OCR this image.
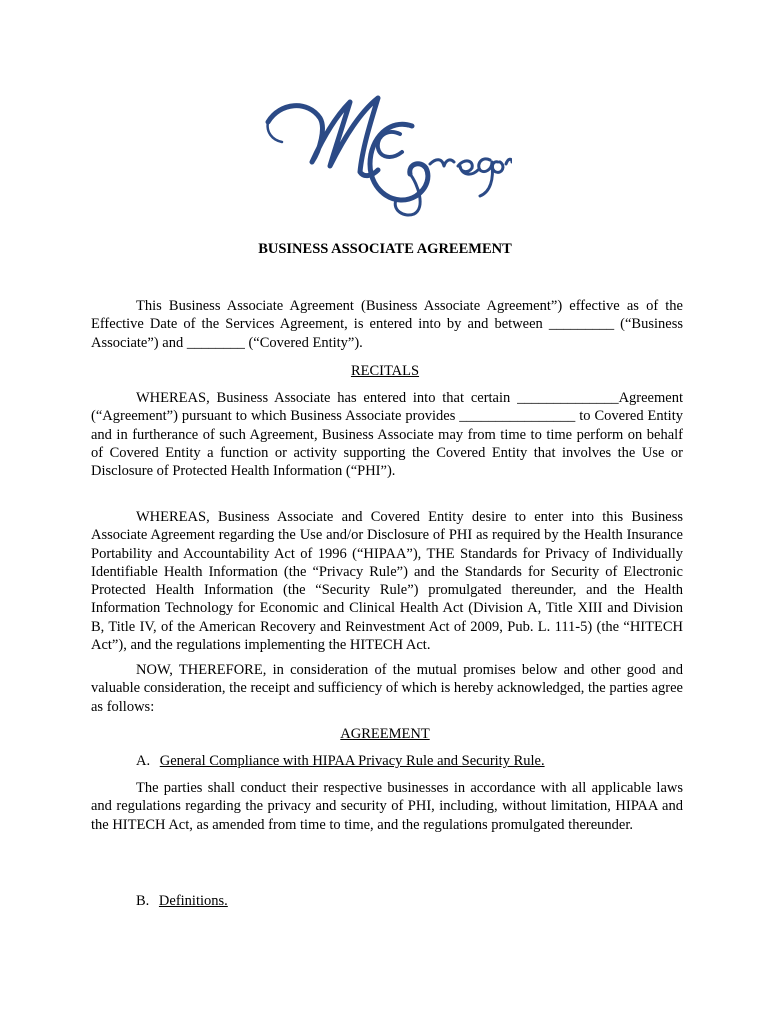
BUSINESS ASSOCIATE AGREEMENT

This Business Associate Agreement (Business Associate Agreement”) effective as of the Effective Date of the Services Agreement, is entered into by and between _________ (“Business Associate”) and ________ (“Covered Entity”).

RECITALS

WHEREAS, Business Associate has entered into that certain ______________Agreement (“Agreement”) pursuant to which Business Associate provides ________________ to Covered Entity and in furtherance of such Agreement, Business Associate may from time to time perform on behalf of Covered Entity a function or activity supporting the Covered Entity that involves the Use or Disclosure of Protected Health Information (“PHI”).

WHEREAS, Business Associate and Covered Entity desire to enter into this Business Associate Agreement regarding the Use and/or Disclosure of PHI as required by the Health Insurance Portability and Accountability Act of 1996 (“HIPAA”), THE Standards for Privacy of Individually Identifiable Health Information (the “Privacy Rule”) and the Standards for Security of Electronic Protected Health Information (the “Security Rule”) promulgated thereunder, and the Health Information Technology for Economic and Clinical Health Act (Division A, Title XIII and Division B, Title IV, of the American Recovery and Reinvestment Act of 2009, Pub. L. 111-5) (the “HITECH Act”), and the regulations implementing the HITECH Act.

NOW, THEREFORE, in consideration of the mutual promises below and other good and valuable consideration, the receipt and sufficiency of which is hereby acknowledged, the parties agree as follows:

AGREEMENT
A. General Compliance with HIPAA Privacy Rule and Security Rule.

The parties shall conduct their respective businesses in accordance with all applicable laws and regulations regarding the privacy and security of PHI, including, without limitation, HIPAA and the HITECH Act, as amended from time to time, and the regulations promulgated thereunder.

B. Definitions.
